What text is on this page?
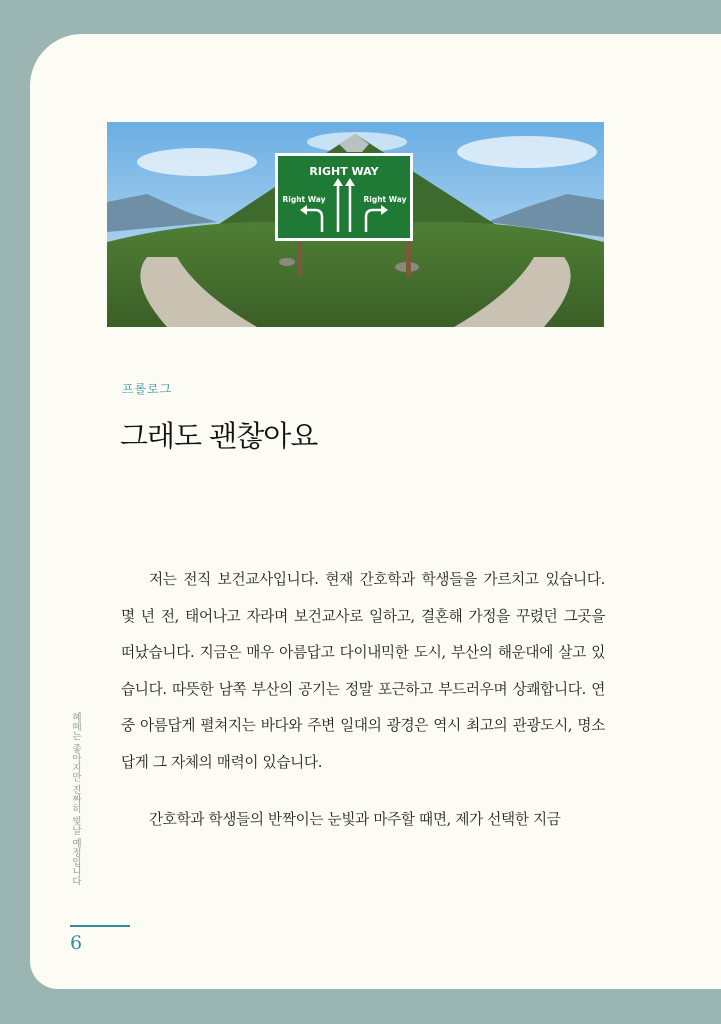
RIGHT WAY
Right Way	Right Way
프롤로그
그래도 괜찮아요

저는 전직 보건교사입니다. 현재 간호학과 학생들을 가르치고 있습니다. 몇 년 전, 태어나고 자라며 보건교사로 일하고, 결혼해 가정을 꾸렸던 그곳을 떠났습니다. 지금은 매우 아름답고 다이내믹한 도시, 부산의 해운대에 살고 있습니다. 따뜻한 남쪽 부산의 공기는 정말 포근하고 부드러우며 상쾌합니다. 연중 아름답게 펼쳐지는 바다와 주변 일대의 광경은 역시 최고의 관광도시, 명소답게 그 자체의 매력이 있습니다.

간호학과 학생들의 반짝이는 눈빛과 마주할 때면, 제가 선택한 지금

혜떼는 좋아지만 진짜히 빛날 예정입니다
6
